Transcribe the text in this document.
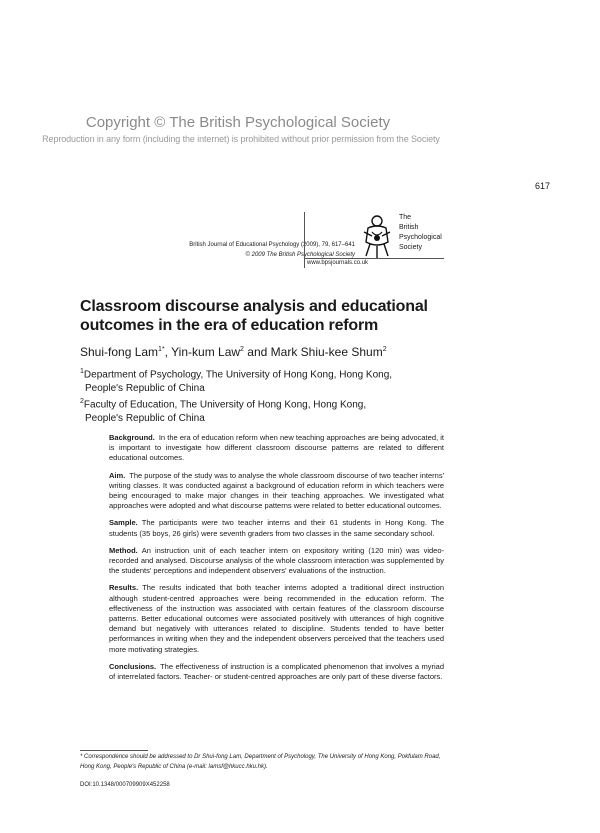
Copyright © The British Psychological Society
Reproduction in any form (including the internet) is prohibited without prior permission from the Society
617
British Journal of Educational Psychology (2009), 79, 617–641
© 2009 The British Psychological Society
The
British
Psychological
Society
www.bpsjournals.co.uk
Classroom discourse analysis and educational outcomes in the era of education reform
Shui-fong Lam$^{1*}$, Yin-kum Law$^2$ and Mark Shiu-kee Shum$^2$
$^1$Department of Psychology, The University of Hong Kong, Hong Kong,
People's Republic of China
$^2$Faculty of Education, The University of Hong Kong, Hong Kong,
People's Republic of China

Background. In the era of education reform when new teaching approaches are being advocated, it is important to investigate how different classroom discourse patterns are related to different educational outcomes.

Aim. The purpose of the study was to analyse the whole classroom discourse of two teacher interns' writing classes. It was conducted against a background of education reform in which teachers were being encouraged to make major changes in their teaching approaches. We investigated what approaches were adopted and what discourse patterns were related to better educational outcomes.

Sample. The participants were two teacher interns and their 61 students in Hong Kong. The students (35 boys, 26 girls) were seventh graders from two classes in the same secondary school.

Method. An instruction unit of each teacher intern on expository writing (120 min) was video-recorded and analysed. Discourse analysis of the whole classroom interaction was supplemented by the students' perceptions and independent observers' evaluations of the instruction.

Results. The results indicated that both teacher interns adopted a traditional direct instruction although student-centred approaches were being recommended in the education reform. The effectiveness of the instruction was associated with certain features of the classroom discourse patterns. Better educational outcomes were associated positively with utterances of high cognitive demand but negatively with utterances related to discipline. Students tended to have better performances in writing when they and the independent observers perceived that the teachers used more motivating strategies.

Conclusions. The effectiveness of instruction is a complicated phenomenon that involves a myriad of interrelated factors. Teacher- or student-centred approaches are only part of these diverse factors.

* Correspondence should be addressed to Dr Shui-fong Lam, Department of Psychology, The University of Hong Kong, Pokfulam Road, Hong Kong, People's Republic of China (e-mail: lamsf@hkucc.hku.hk).
DOI:10.1348/000709909X452258
